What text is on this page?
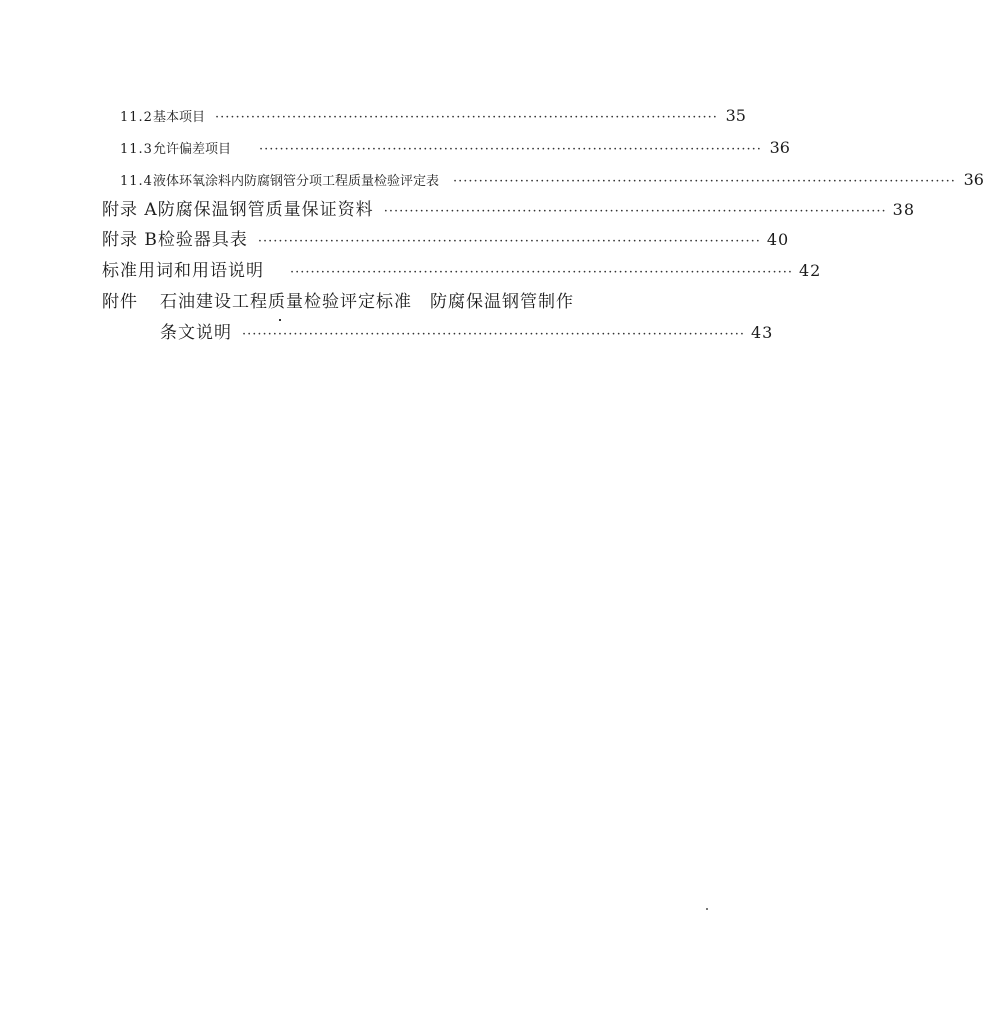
11.2 基本项目 ·································································································· 35
11.3 允许偏差项目 ·································································································· 36
11.4 液体环氧涂料内防腐钢管分项工程质量检验评定表 ·································································································· 36
附录 A 防腐保温钢管质量保证资料 ·································································································· 38
附录 B 检验器具表 ·································································································· 40
标准用词和用语说明 ·································································································· 42
附件	石油建设工程质量检验评定标准　防腐保温钢管制作
条文说明 ·································································································· 43
